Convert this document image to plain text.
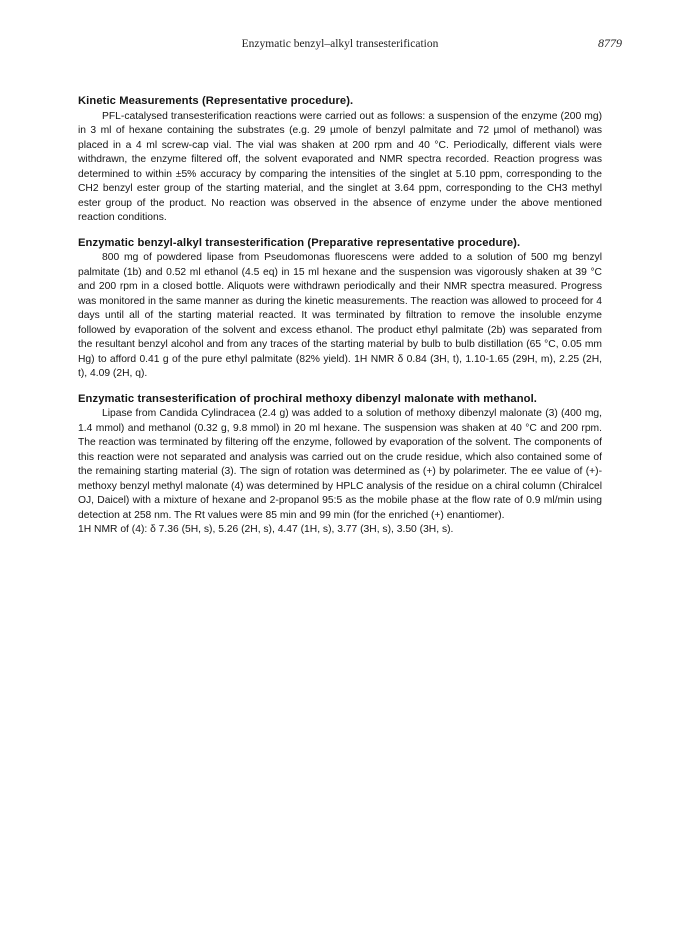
Enzymatic benzyl–alkyl transesterification	8779
Kinetic Measurements (Representative procedure).

PFL-catalysed transesterification reactions were carried out as follows: a suspension of the enzyme (200 mg) in 3 ml of hexane containing the substrates (e.g. 29 µmole of benzyl palmitate and 72 µmol of methanol) was placed in a 4 ml screw-cap vial. The vial was shaken at 200 rpm and 40 °C. Periodically, different vials were withdrawn, the enzyme filtered off, the solvent evaporated and NMR spectra recorded. Reaction progress was determined to within ±5% accuracy by comparing the intensities of the singlet at 5.10 ppm, corresponding to the CH2 benzyl ester group of the starting material, and the singlet at 3.64 ppm, corresponding to the CH3 methyl ester group of the product. No reaction was observed in the absence of enzyme under the above mentioned reaction conditions.

Enzymatic benzyl-alkyl transesterification (Preparative representative procedure).

800 mg of powdered lipase from Pseudomonas fluorescens were added to a solution of 500 mg benzyl palmitate (1b) and 0.52 ml ethanol (4.5 eq) in 15 ml hexane and the suspension was vigorously shaken at 39 °C and 200 rpm in a closed bottle. Aliquots were withdrawn periodically and their NMR spectra measured. Progress was monitored in the same manner as during the kinetic measurements. The reaction was allowed to proceed for 4 days until all of the starting material reacted. It was terminated by filtration to remove the insoluble enzyme followed by evaporation of the solvent and excess ethanol. The product ethyl palmitate (2b) was separated from the resultant benzyl alcohol and from any traces of the starting material by bulb to bulb distillation (65 °C, 0.05 mm Hg) to afford 0.41 g of the pure ethyl palmitate (82% yield). 1H NMR δ 0.84 (3H, t), 1.10-1.65 (29H, m), 2.25 (2H, t), 4.09 (2H, q).

Enzymatic transesterification of prochiral methoxy dibenzyl malonate with methanol.

Lipase from Candida Cylindracea (2.4 g) was added to a solution of methoxy dibenzyl malonate (3) (400 mg, 1.4 mmol) and methanol (0.32 g, 9.8 mmol) in 20 ml hexane. The suspension was shaken at 40 °C and 200 rpm. The reaction was terminated by filtering off the enzyme, followed by evaporation of the solvent. The components of this reaction were not separated and analysis was carried out on the crude residue, which also contained some of the remaining starting material (3). The sign of rotation was determined as (+) by polarimeter. The ee value of (+)-methoxy benzyl methyl malonate (4) was determined by HPLC analysis of the residue on a chiral column (Chiralcel OJ, Daicel) with a mixture of hexane and 2-propanol 95:5 as the mobile phase at the flow rate of 0.9 ml/min using detection at 258 nm. The Rt values were 85 min and 99 min (for the enriched (+) enantiomer).

1H NMR of (4): δ 7.36 (5H, s), 5.26 (2H, s), 4.47 (1H, s), 3.77 (3H, s), 3.50 (3H, s).
